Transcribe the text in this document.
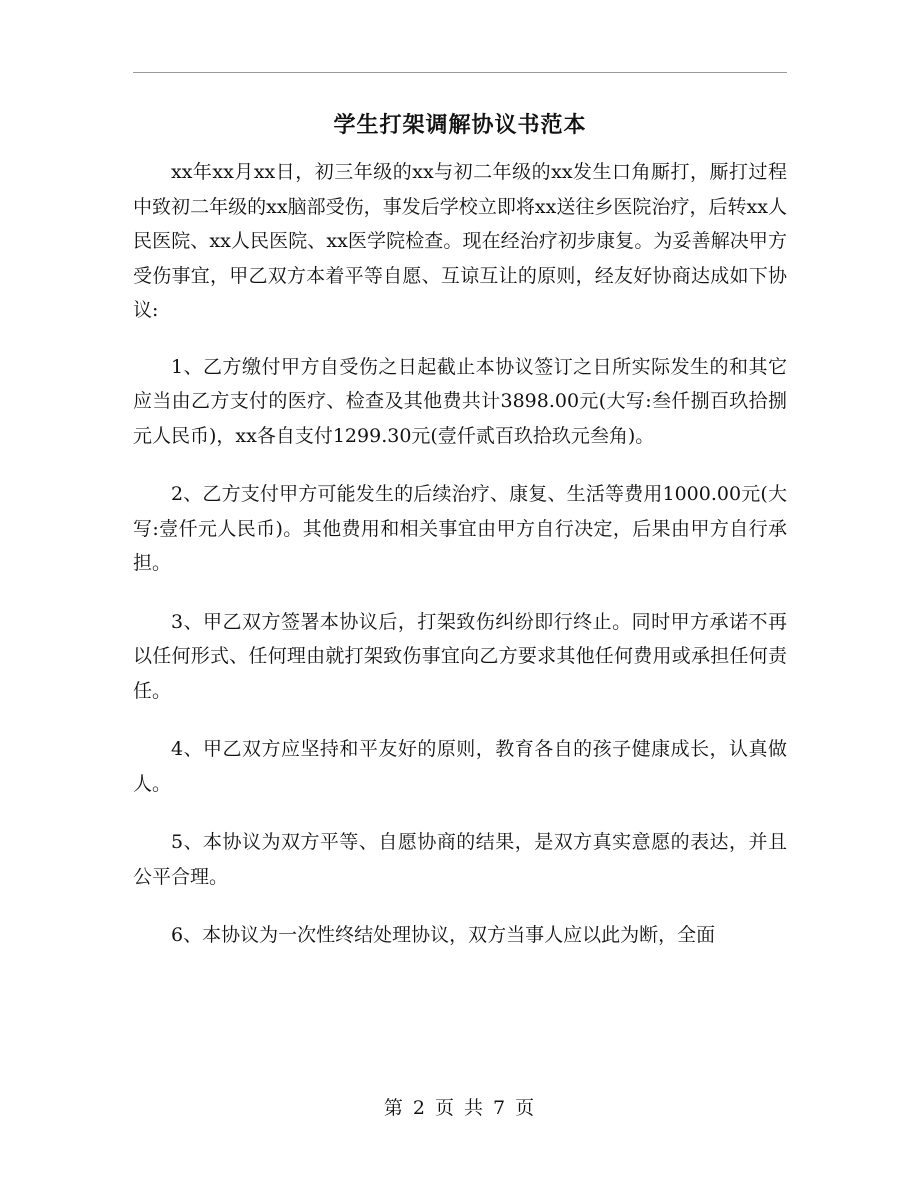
学生打架调解协议书范本

xx年xx月xx日，初三年级的xx与初二年级的xx发生口角厮打，厮打过程中致初二年级的xx脑部受伤，事发后学校立即将xx送往乡医院治疗，后转xx人民医院、xx人民医院、xx医学院检查。现在经治疗初步康复。为妥善解决甲方受伤事宜，甲乙双方本着平等自愿、互谅互让的原则，经友好协商达成如下协议:

1、乙方缴付甲方自受伤之日起截止本协议签订之日所实际发生的和其它应当由乙方支付的医疗、检查及其他费共计3898.00元(大写:叁仟捌百玖拾捌元人民币)，xx各自支付1299.30元(壹仟贰百玖拾玖元叁角)。

2、乙方支付甲方可能发生的后续治疗、康复、生活等费用1000.00元(大写:壹仟元人民币)。其他费用和相关事宜由甲方自行决定，后果由甲方自行承担。

3、甲乙双方签署本协议后，打架致伤纠纷即行终止。同时甲方承诺不再以任何形式、任何理由就打架致伤事宜向乙方要求其他任何费用或承担任何责任。

4、甲乙双方应坚持和平友好的原则，教育各自的孩子健康成长，认真做人。

5、本协议为双方平等、自愿协商的结果，是双方真实意愿的表达，并且公平合理。

6、本协议为一次性终结处理协议，双方当事人应以此为断，全面

第 2 页 共 7 页
